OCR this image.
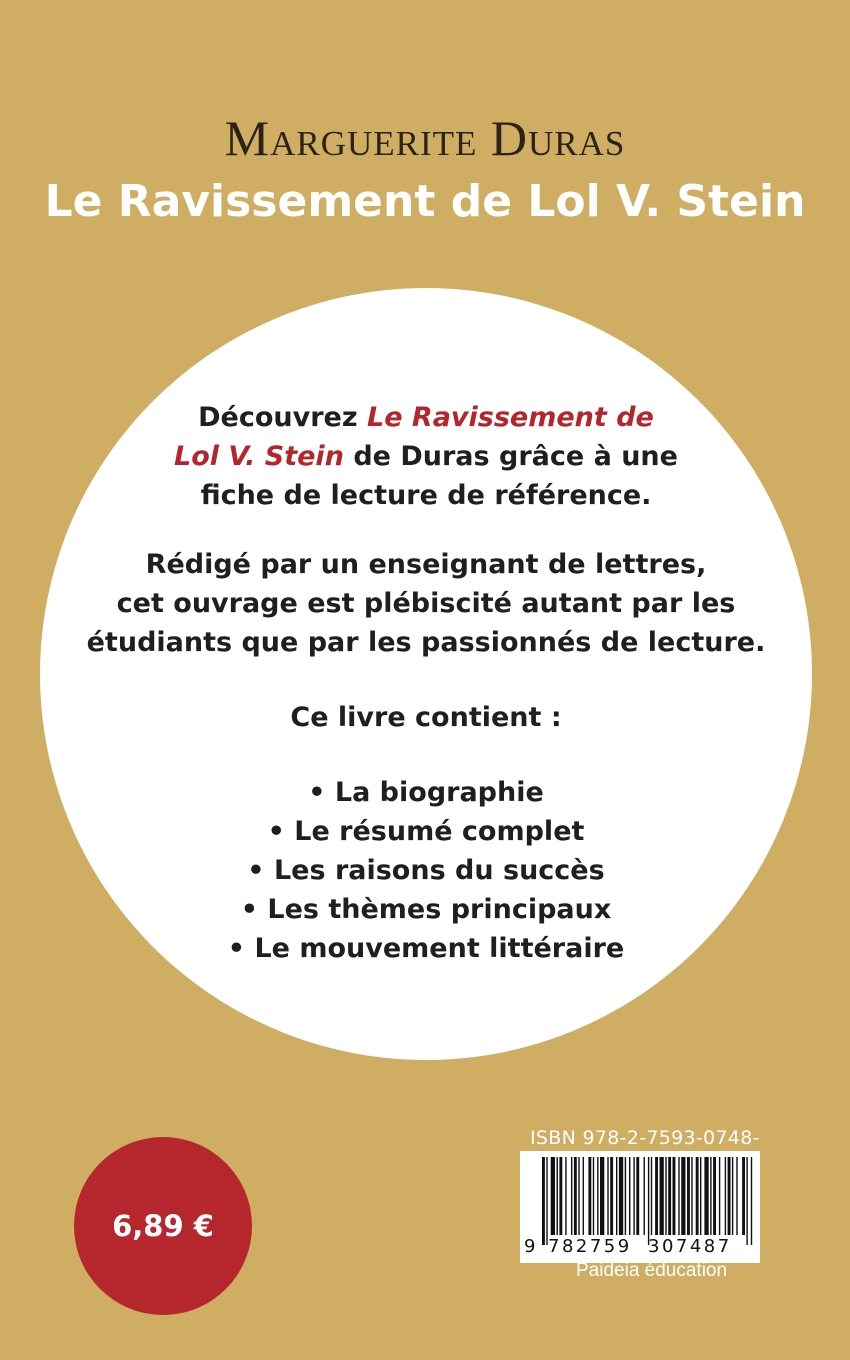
Marguerite Duras
Le Ravissement de Lol V. Stein

Découvrez Le Ravissement de

Lol V. Stein de Duras grâce à une

fiche de lecture de référence.

Rédigé par un enseignant de lettres,

cet ouvrage est plébiscité autant par les

étudiants que par les passionnés de lecture.

Ce livre contient :

• La biographie

• Le résumé complet

• Les raisons du succès

• Les thèmes principaux

• Le mouvement littéraire

6,89 €
ISBN 978-2-7593-0748-
9 782759 307487
Paideia éducation
